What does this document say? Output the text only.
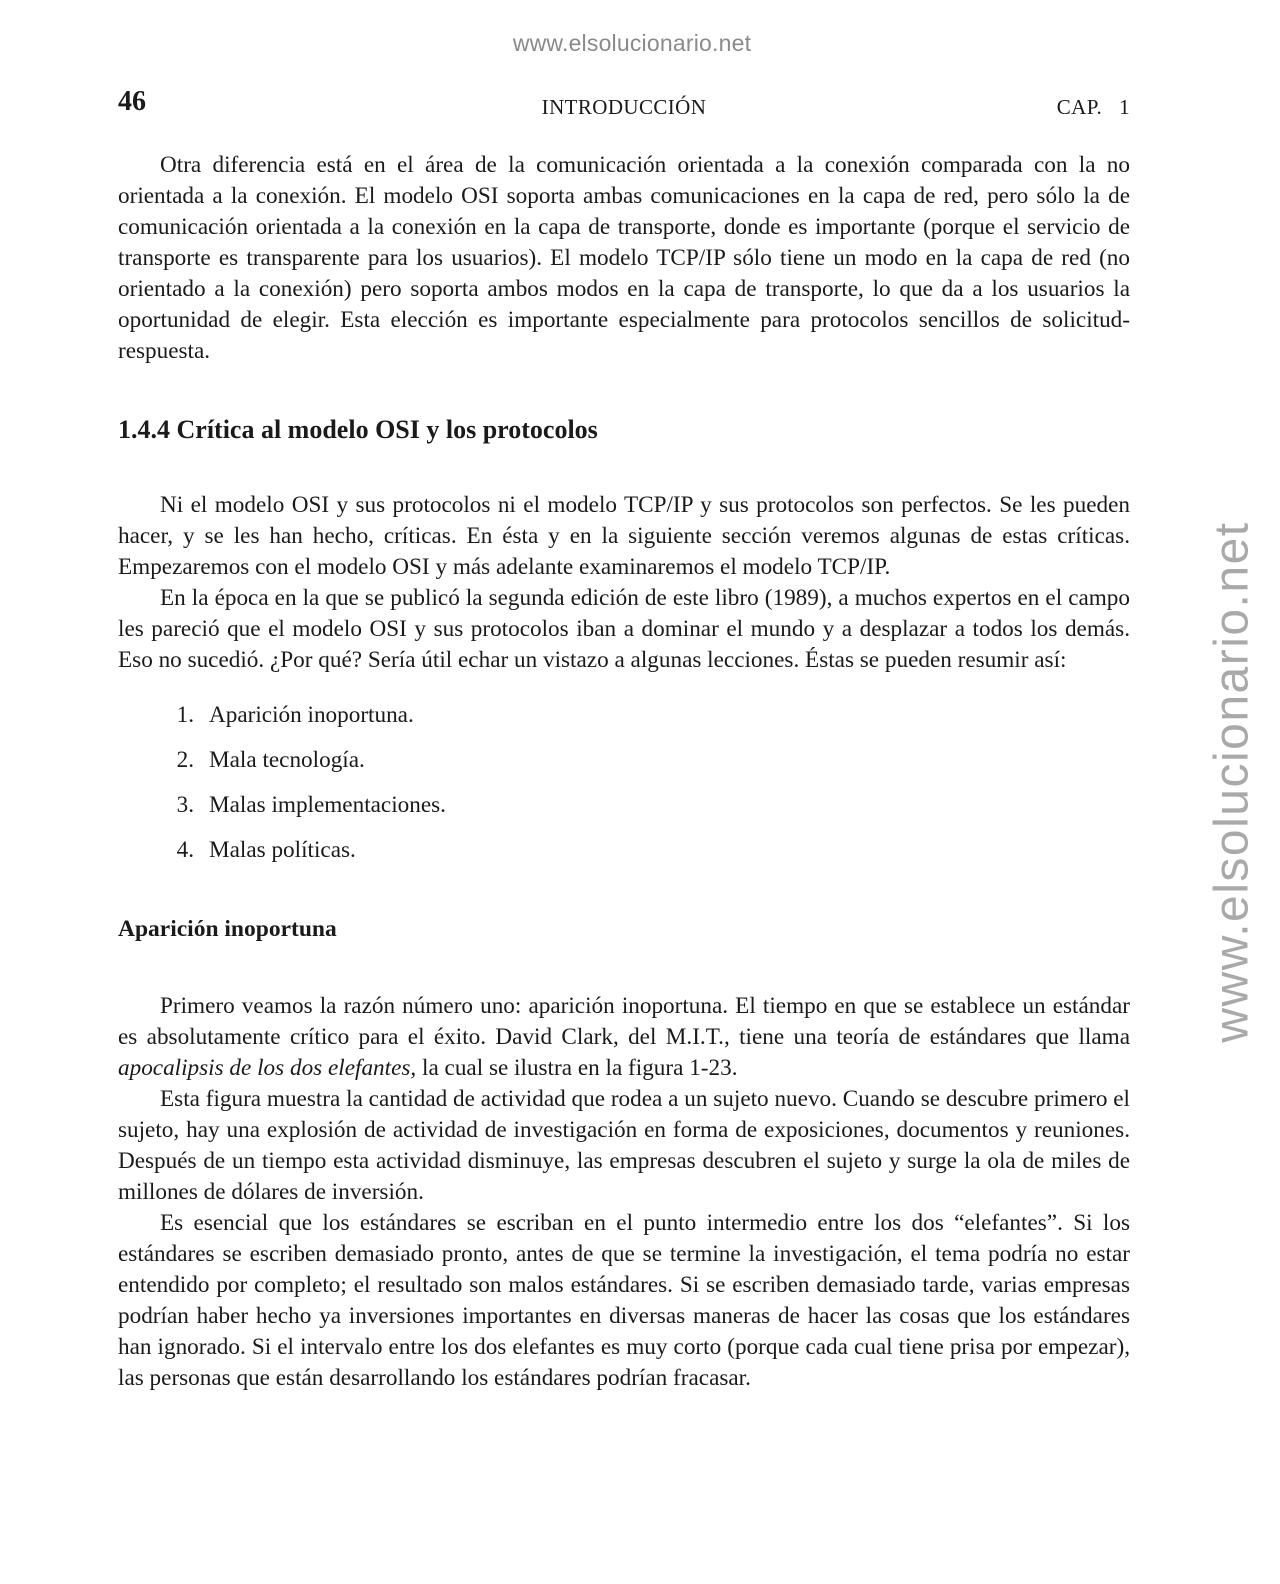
www.elsolucionario.net
www.elsolucionario.net
46	INTRODUCCIÓN	CAP.   1

Otra diferencia está en el área de la comunicación orientada a la conexión comparada con la no orientada a la conexión. El modelo OSI soporta ambas comunicaciones en la capa de red, pero sólo la de comunicación orientada a la conexión en la capa de transporte, donde es importante (porque el servicio de transporte es transparente para los usuarios). El modelo TCP/IP sólo tiene un modo en la capa de red (no orientado a la conexión) pero soporta ambos modos en la capa de transporte, lo que da a los usuarios la oportunidad de elegir. Esta elección es importante especialmente para protocolos sencillos de solicitud-respuesta.

1.4.4 Crítica al modelo OSI y los protocolos

Ni el modelo OSI y sus protocolos ni el modelo TCP/IP y sus protocolos son perfectos. Se les pueden hacer, y se les han hecho, críticas. En ésta y en la siguiente sección veremos algunas de estas críticas. Empezaremos con el modelo OSI y más adelante examinaremos el modelo TCP/IP.

En la época en la que se publicó la segunda edición de este libro (1989), a muchos expertos en el campo les pareció que el modelo OSI y sus protocolos iban a dominar el mundo y a desplazar a todos los demás. Eso no sucedió. ¿Por qué? Sería útil echar un vistazo a algunas lecciones. Éstas se pueden resumir así:

1. Aparición inoportuna.
2. Mala tecnología.
3. Malas implementaciones.
4. Malas políticas.
Aparición inoportuna

Primero veamos la razón número uno: aparición inoportuna. El tiempo en que se establece un estándar es absolutamente crítico para el éxito. David Clark, del M.I.T., tiene una teoría de estándares que llama apocalipsis de los dos elefantes, la cual se ilustra en la figura 1-23.

Esta figura muestra la cantidad de actividad que rodea a un sujeto nuevo. Cuando se descubre primero el sujeto, hay una explosión de actividad de investigación en forma de exposiciones, documentos y reuniones. Después de un tiempo esta actividad disminuye, las empresas descubren el sujeto y surge la ola de miles de millones de dólares de inversión.

Es esencial que los estándares se escriban en el punto intermedio entre los dos “elefantes”. Si los estándares se escriben demasiado pronto, antes de que se termine la investigación, el tema podría no estar entendido por completo; el resultado son malos estándares. Si se escriben demasiado tarde, varias empresas podrían haber hecho ya inversiones importantes en diversas maneras de hacer las cosas que los estándares han ignorado. Si el intervalo entre los dos elefantes es muy corto (porque cada cual tiene prisa por empezar), las personas que están desarrollando los estándares podrían fracasar.
